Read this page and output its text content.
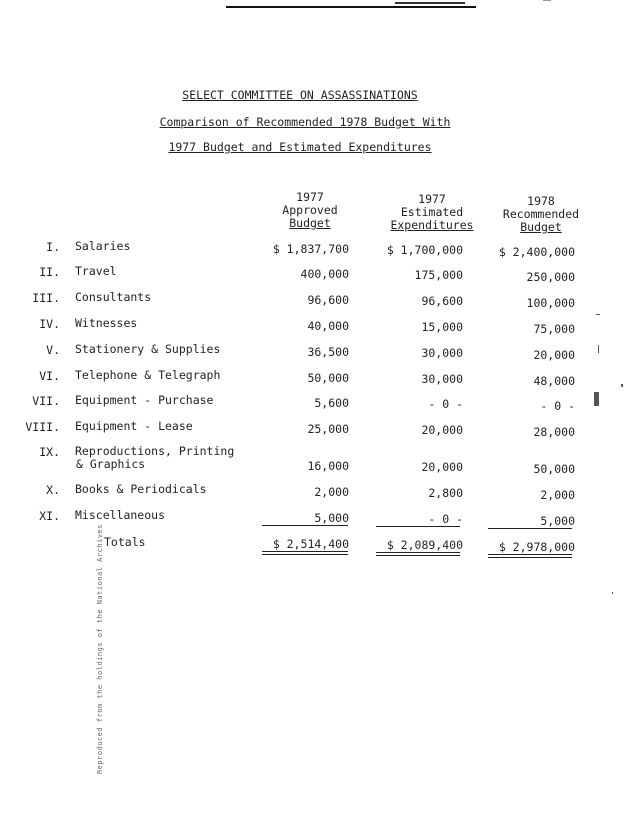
Reproduced from the holdings of the National Archives
SELECT COMMITTEE ON ASSASSINATIONS
Comparison of Recommended 1978 Budget With
1977 Budget and Estimated Expenditures
1977
Approved
Budget
1977
Estimated
Expenditures
1978
Recommended
Budget
I. Salaries	$ 1,837,700	$ 1,700,000	$ 2,400,000
II. Travel	400,000	175,000	250,000
III. Consultants	96,600	96,600	100,000
IV. Witnesses	40,000	15,000	75,000
V. Stationery & Supplies	36,500	30,000	20,000
VI. Telephone & Telegraph	50,000	30,000	48,000
VII. Equipment - Purchase	5,600	- 0 -	- 0 -
VIII. Equipment - Lease	25,000	20,000	28,000
IX. Reproductions, Printing
& Graphics	16,000	20,000	50,000
X. Books & Periodicals	2,000	2,800	2,000
XI. Miscellaneous	5,000	- 0 -	5,000
Totals	$ 2,514,400	$ 2,089,400	$ 2,978,000
